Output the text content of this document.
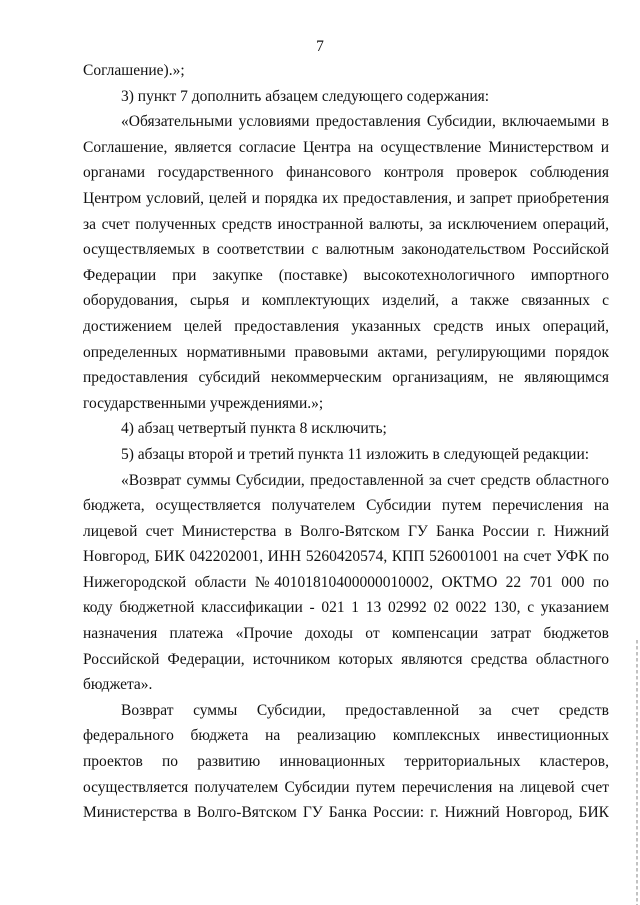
7
Соглашение).»;
3) пункт 7 дополнить абзацем следующего содержания:
«Обязательными условиями предоставления Субсидии, включаемыми в
Соглашение, является согласие Центра на осуществление Министерством и
органами государственного финансового контроля проверок соблюдения
Центром условий, целей и порядка их предоставления, и запрет приобретения
за счет полученных средств иностранной валюты, за исключением операций,
осуществляемых в соответствии с валютным законодательством Российской
Федерации при закупке (поставке) высокотехнологичного импортного
оборудования, сырья и комплектующих изделий, а также связанных с
достижением целей предоставления указанных средств иных операций,
определенных нормативными правовыми актами, регулирующими порядок
предоставления субсидий некоммерческим организациям, не являющимся
государственными учреждениями.»;
4) абзац четвертый пункта 8 исключить;
5) абзацы второй и третий пункта 11 изложить в следующей редакции:
«Возврат суммы Субсидии, предоставленной за счет средств областного
бюджета, осуществляется получателем Субсидии путем перечисления на
лицевой счет Министерства в Волго-Вятском ГУ Банка России г. Нижний
Новгород, БИК 042202001, ИНН 5260420574, КПП 526001001 на счет УФК по
Нижегородской области №40101810400000010002, ОКТМО 22 701 000 по
коду бюджетной классификации - 021 1 13 02992 02 0022 130, с указанием
назначения платежа «Прочие доходы от компенсации затрат бюджетов
Российской Федерации, источником которых являются средства областного
бюджета».
Возврат суммы Субсидии, предоставленной за счет средств
федерального бюджета на реализацию комплексных инвестиционных
проектов по развитию инновационных территориальных кластеров,
осуществляется получателем Субсидии путем перечисления на лицевой счет
Министерства в Волго-Вятском ГУ Банка России: г. Нижний Новгород, БИК
